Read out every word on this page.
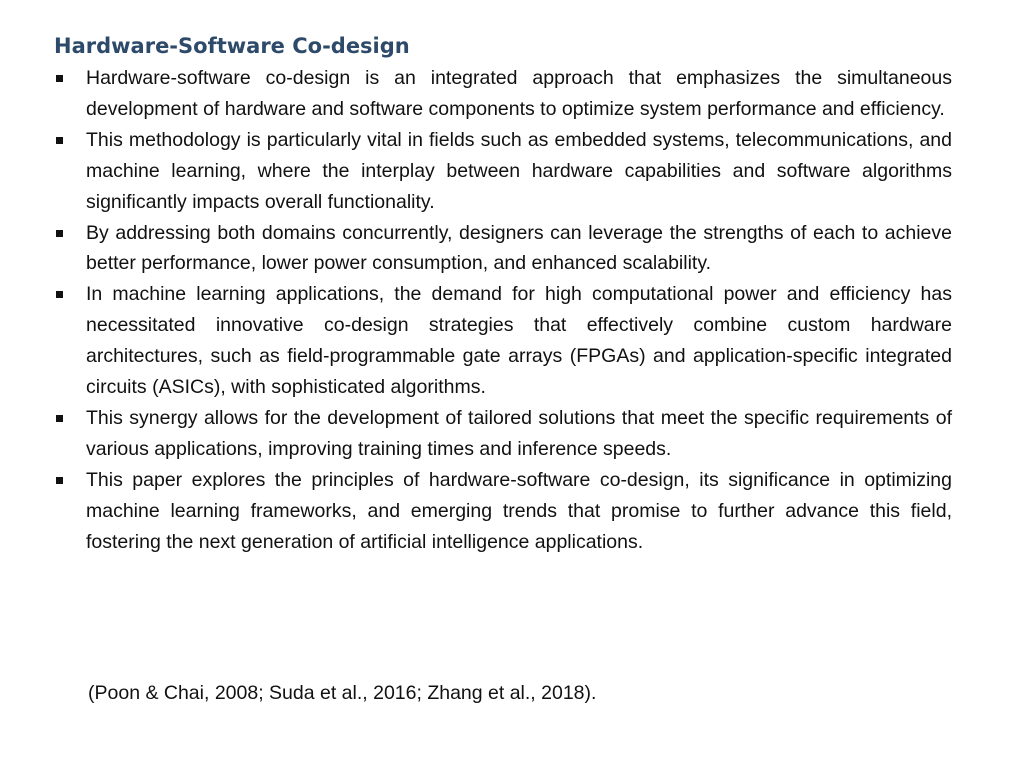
Hardware-Software Co-design
Hardware-software co-design is an integrated approach that emphasizes the simultaneous development of hardware and software components to optimize system performance and efficiency.
This methodology is particularly vital in fields such as embedded systems, telecommunications, and machine learning, where the interplay between hardware capabilities and software algorithms significantly impacts overall functionality.
By addressing both domains concurrently, designers can leverage the strengths of each to achieve better performance, lower power consumption, and enhanced scalability.
In machine learning applications, the demand for high computational power and efficiency has necessitated innovative co-design strategies that effectively combine custom hardware architectures, such as field-programmable gate arrays (FPGAs) and application-specific integrated circuits (ASICs), with sophisticated algorithms.
This synergy allows for the development of tailored solutions that meet the specific requirements of various applications, improving training times and inference speeds.
This paper explores the principles of hardware-software co-design, its significance in optimizing machine learning frameworks, and emerging trends that promise to further advance this field, fostering the next generation of artificial intelligence applications.

(Poon & Chai, 2008; Suda et al., 2016; Zhang et al., 2018).
